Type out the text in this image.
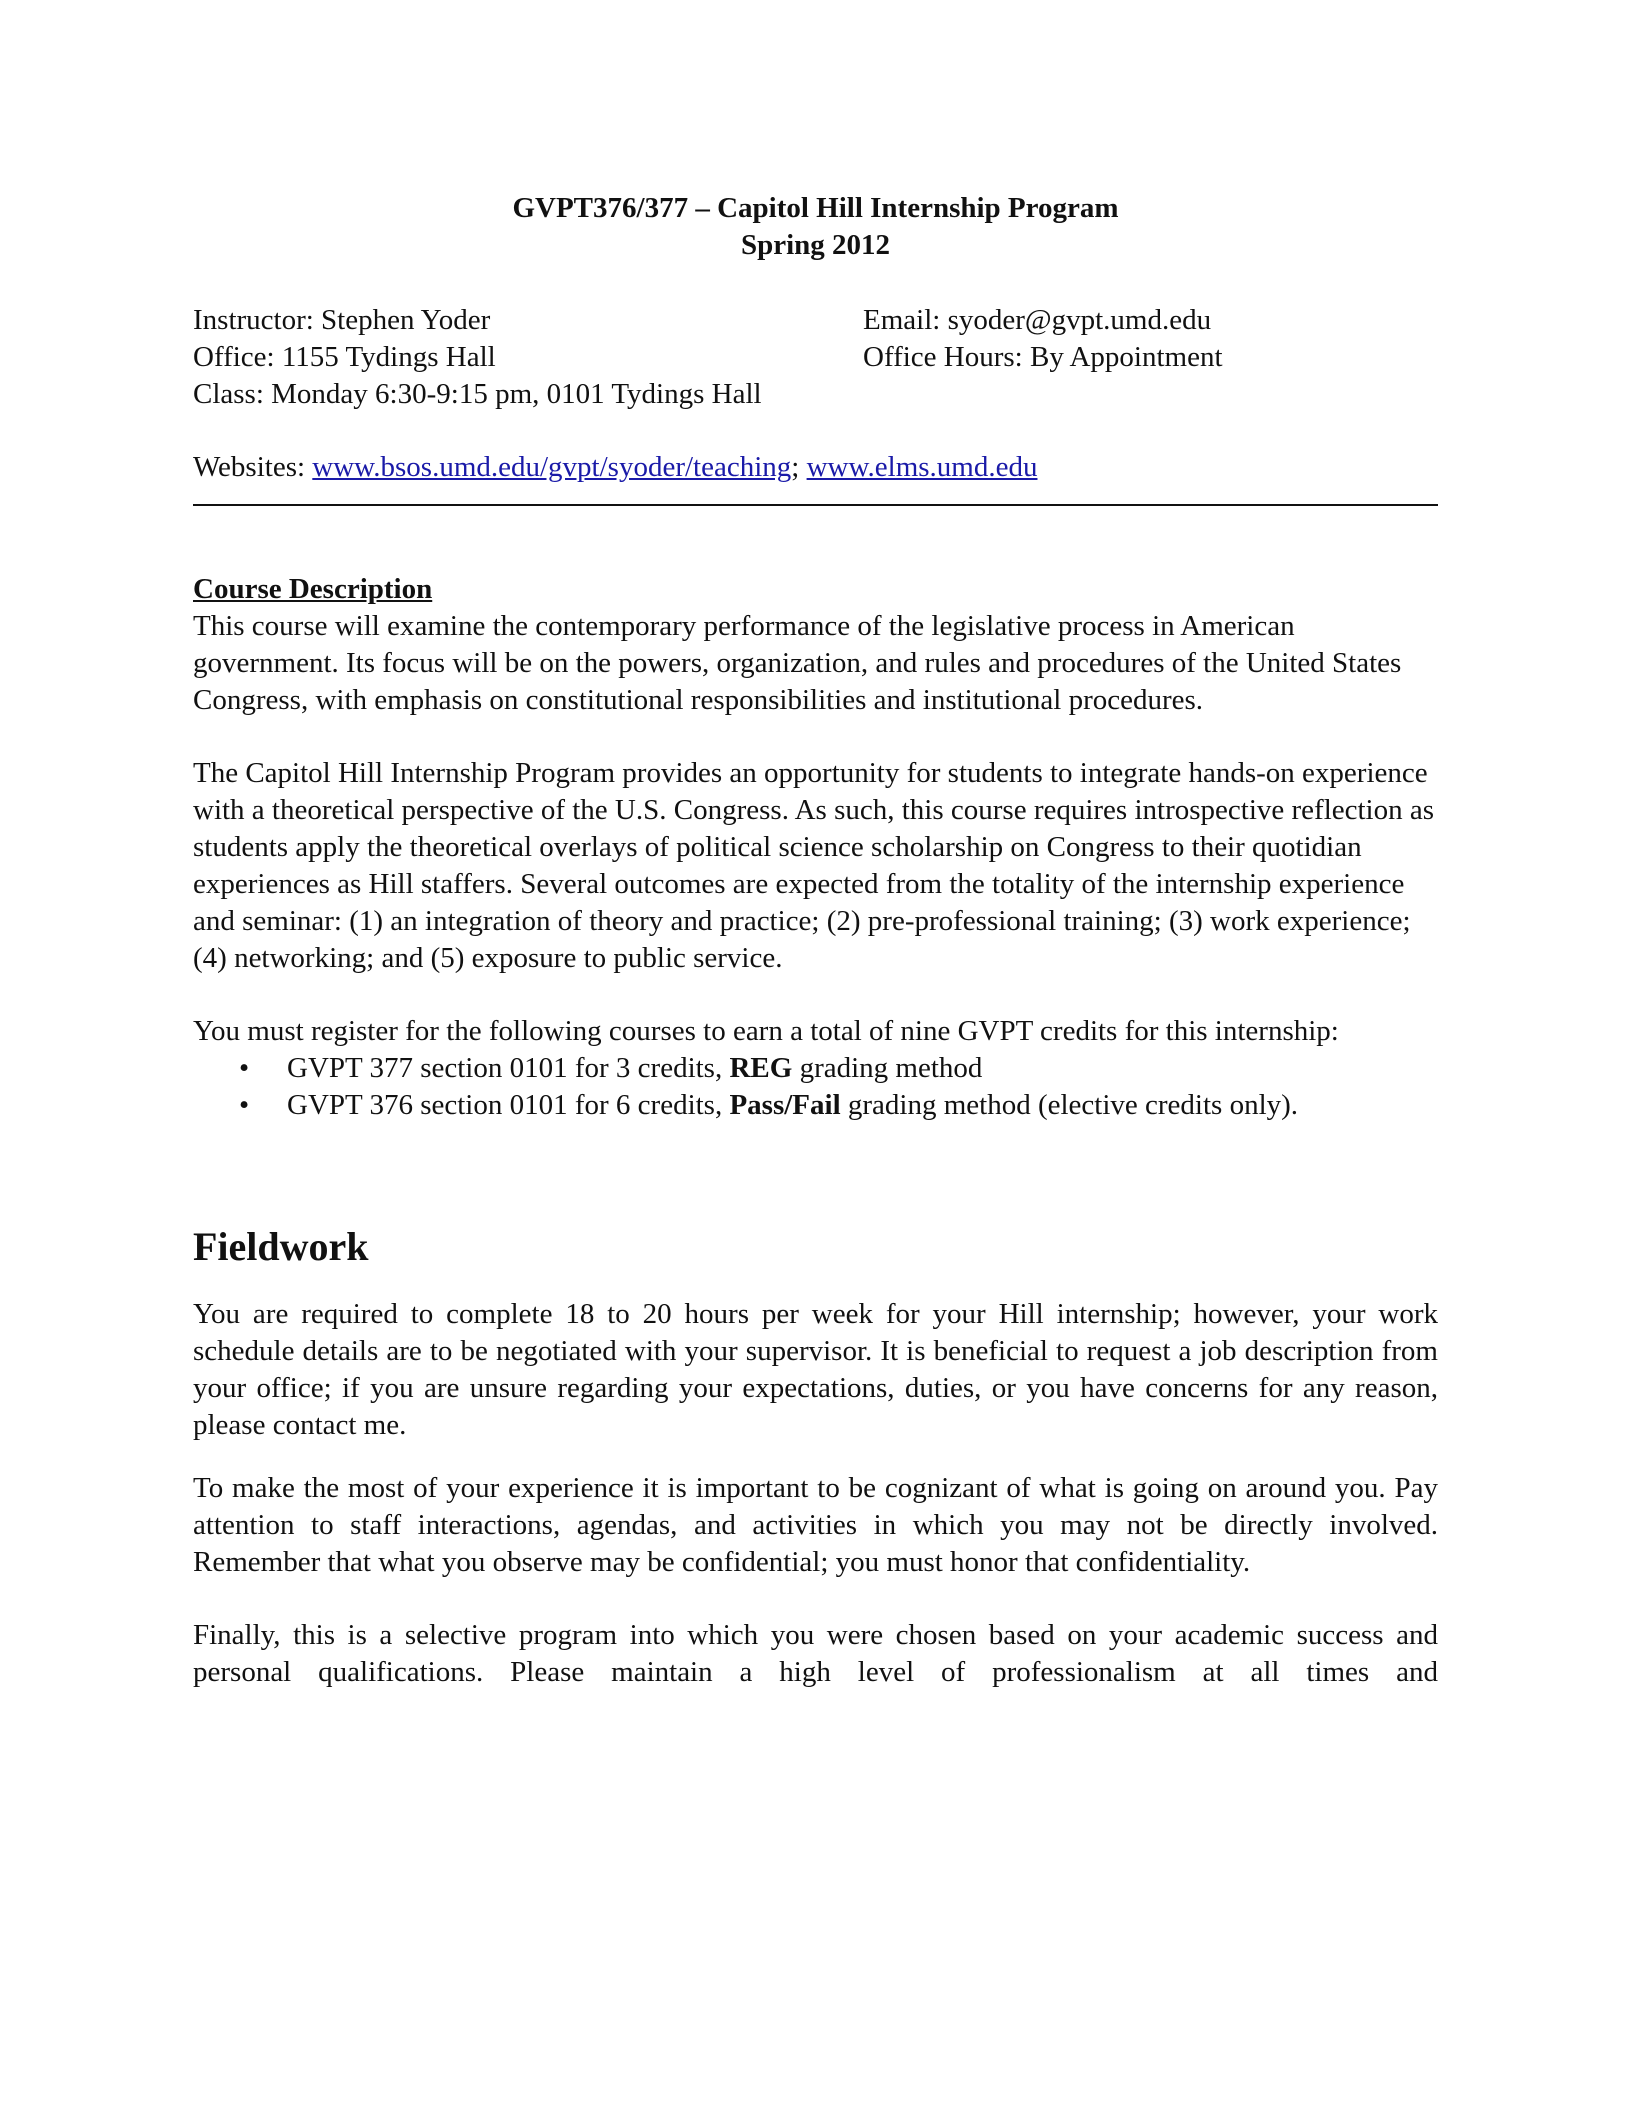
GVPT376/377 – Capitol Hill Internship Program
Spring 2012
Instructor: Stephen Yoder
Office: 1155 Tydings Hall
Class: Monday 6:30-9:15 pm, 0101 Tydings Hall
Email: syoder@gvpt.umd.edu
Office Hours: By Appointment
Websites: www.bsos.umd.edu/gvpt/syoder/teaching; www.elms.umd.edu
Course Description

This course will examine the contemporary performance of the legislative process in American government. Its focus will be on the powers, organization, and rules and procedures of the United States Congress, with emphasis on constitutional responsibilities and institutional procedures.

The Capitol Hill Internship Program provides an opportunity for students to integrate hands-on experience with a theoretical perspective of the U.S. Congress. As such, this course requires introspective reflection as students apply the theoretical overlays of political science scholarship on Congress to their quotidian experiences as Hill staffers. Several outcomes are expected from the totality of the internship experience and seminar: (1) an integration of theory and practice; (2) pre-professional training; (3) work experience; (4) networking; and (5) exposure to public service.

You must register for the following courses to earn a total of nine GVPT credits for this internship:

• GVPT 377 section 0101 for 3 credits, REG grading method
• GVPT 376 section 0101 for 6 credits, Pass/Fail grading method (elective credits only).
Fieldwork

You are required to complete 18 to 20 hours per week for your Hill internship; however, your work schedule details are to be negotiated with your supervisor. It is beneficial to request a job description from your office; if you are unsure regarding your expectations, duties, or you have concerns for any reason, please contact me.

To make the most of your experience it is important to be cognizant of what is going on around you. Pay attention to staff interactions, agendas, and activities in which you may not be directly involved. Remember that what you observe may be confidential; you must honor that confidentiality.

Finally, this is a selective program into which you were chosen based on your academic success and personal qualifications. Please maintain a high level of professionalism at all times and
